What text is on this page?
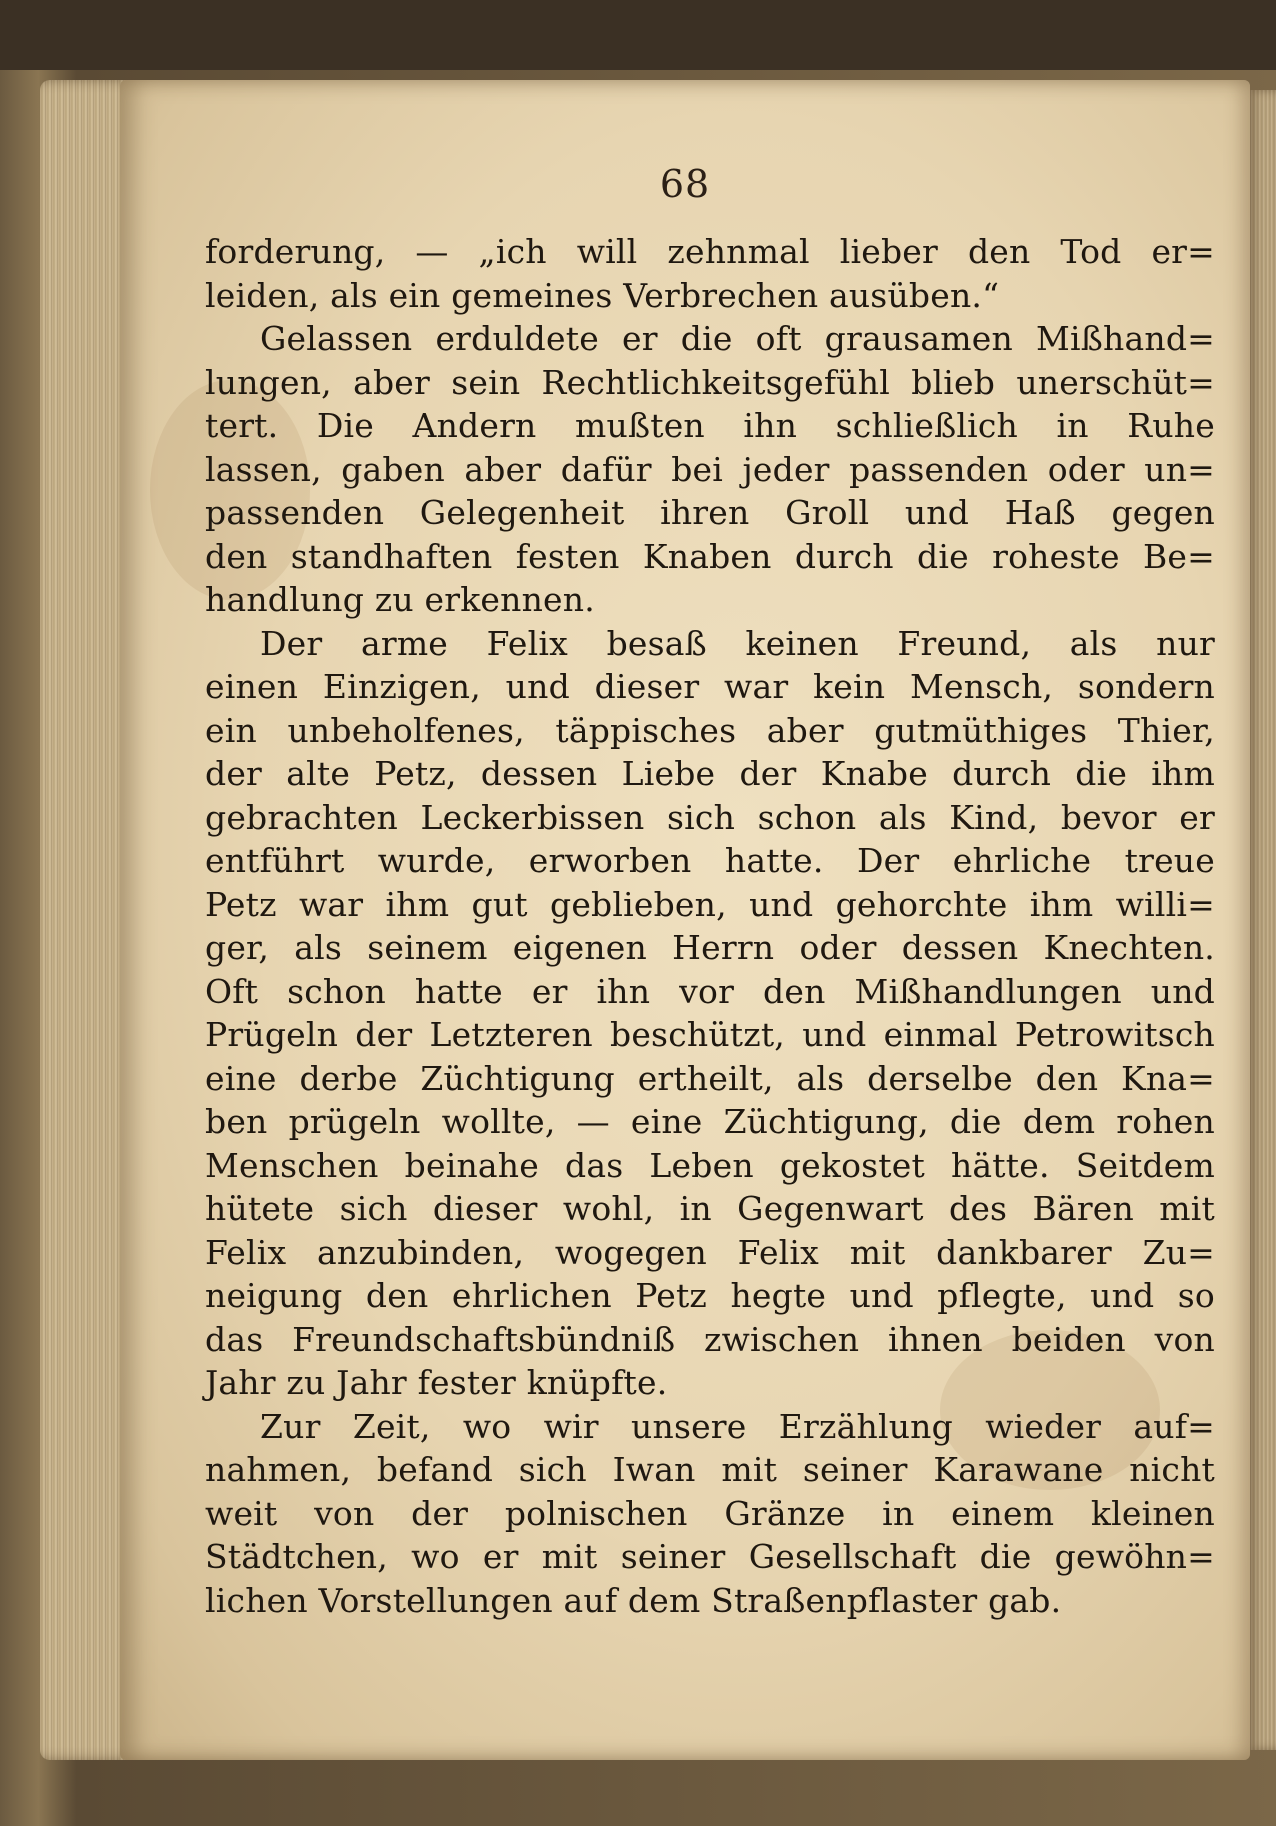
68
forderung, — „ich will zehnmal lieber den Tod er=
leiden, als ein gemeines Verbrechen ausüben.“
Gelassen erduldete er die oft grausamen Mißhand=
lungen, aber sein Rechtlichkeitsgefühl blieb unerschüt=
tert. Die Andern mußten ihn schließlich in Ruhe
lassen, gaben aber dafür bei jeder passenden oder un=
passenden Gelegenheit ihren Groll und Haß gegen
den standhaften festen Knaben durch die roheste Be=
handlung zu erkennen.
Der arme Felix besaß keinen Freund, als nur
einen Einzigen, und dieser war kein Mensch, sondern
ein unbeholfenes, täppisches aber gutmüthiges Thier,
der alte Petz, dessen Liebe der Knabe durch die ihm
gebrachten Leckerbissen sich schon als Kind, bevor er
entführt wurde, erworben hatte. Der ehrliche treue
Petz war ihm gut geblieben, und gehorchte ihm willi=
ger, als seinem eigenen Herrn oder dessen Knechten.
Oft schon hatte er ihn vor den Mißhandlungen und
Prügeln der Letzteren beschützt, und einmal Petrowitsch
eine derbe Züchtigung ertheilt, als derselbe den Kna=
ben prügeln wollte, — eine Züchtigung, die dem rohen
Menschen beinahe das Leben gekostet hätte. Seitdem
hütete sich dieser wohl, in Gegenwart des Bären mit
Felix anzubinden, wogegen Felix mit dankbarer Zu=
neigung den ehrlichen Petz hegte und pflegte, und so
das Freundschaftsbündniß zwischen ihnen beiden von
Jahr zu Jahr fester knüpfte.
Zur Zeit, wo wir unsere Erzählung wieder auf=
nahmen, befand sich Iwan mit seiner Karawane nicht
weit von der polnischen Gränze in einem kleinen
Städtchen, wo er mit seiner Gesellschaft die gewöhn=
lichen Vorstellungen auf dem Straßenpflaster gab.
